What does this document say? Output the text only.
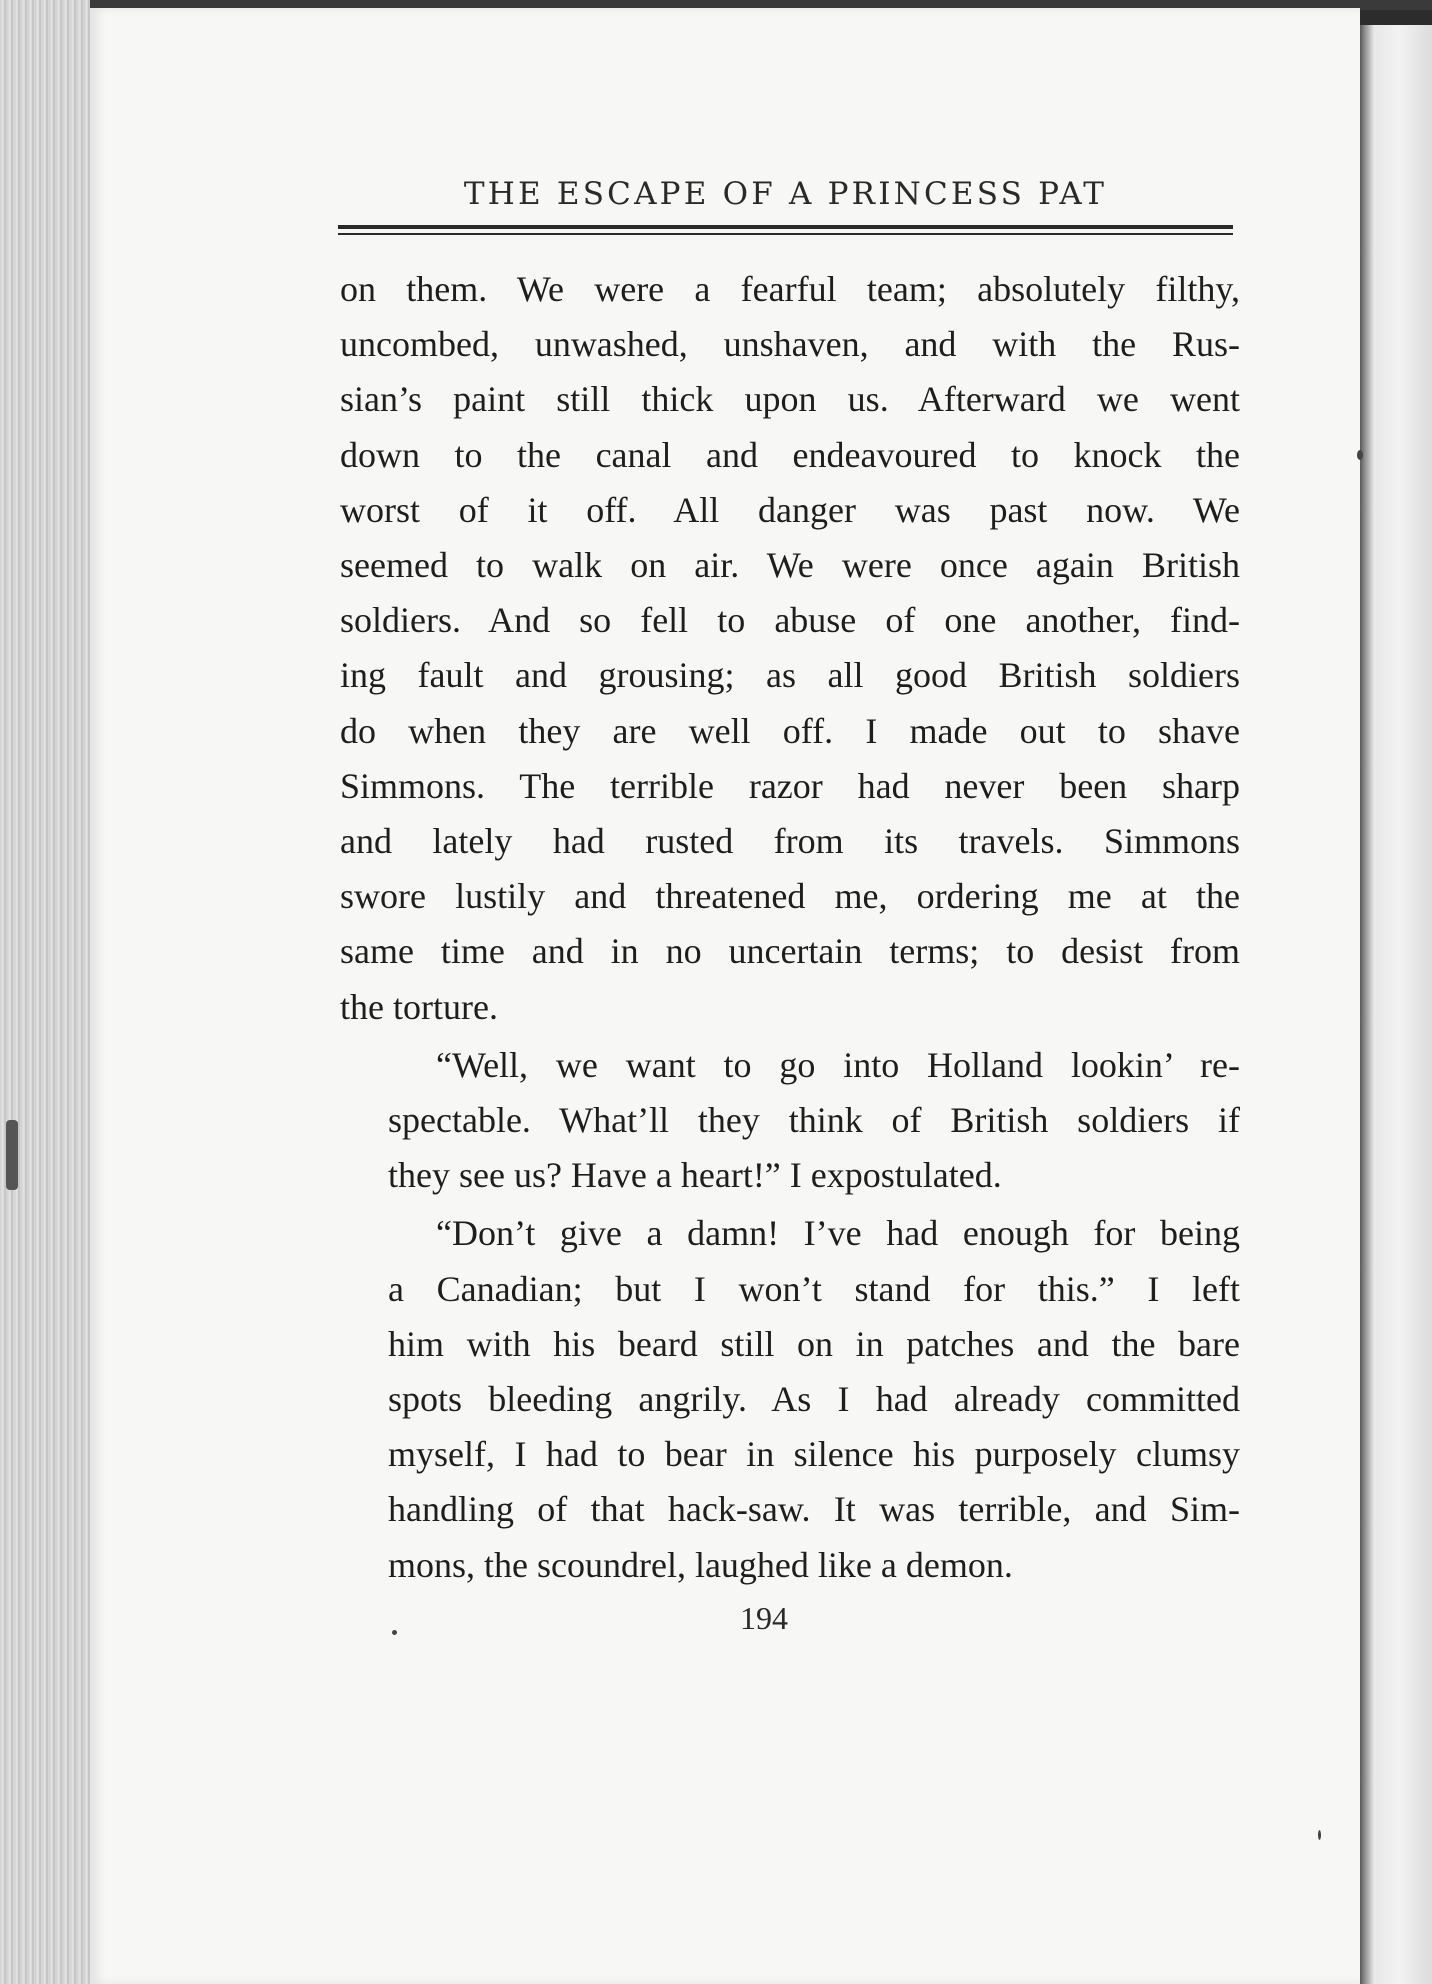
THE ESCAPE OF A PRINCESS PAT

on them. We were a fearful team; absolutely filthy,
uncombed, unwashed, unshaven, and with the Rus-
sian’s paint still thick upon us. Afterward we went
down to the canal and endeavoured to knock the
worst of it off. All danger was past now. We
seemed to walk on air. We were once again British
soldiers. And so fell to abuse of one another, find-
ing fault and grousing; as all good British soldiers
do when they are well off. I made out to shave
Simmons. The terrible razor had never been sharp
and lately had rusted from its travels. Simmons
swore lustily and threatened me, ordering me at the
same time and in no uncertain terms; to desist from
the torture.

“Well, we want to go into Holland lookin’ re-
spectable. What’ll they think of British soldiers if
they see us? Have a heart!” I expostulated.

“Don’t give a damn! I’ve had enough for being
a Canadian; but I won’t stand for this.” I left
him with his beard still on in patches and the bare
spots bleeding angrily. As I had already committed
myself, I had to bear in silence his purposely clumsy
handling of that hack-saw. It was terrible, and Sim-
mons, the scoundrel, laughed like a demon.

194
